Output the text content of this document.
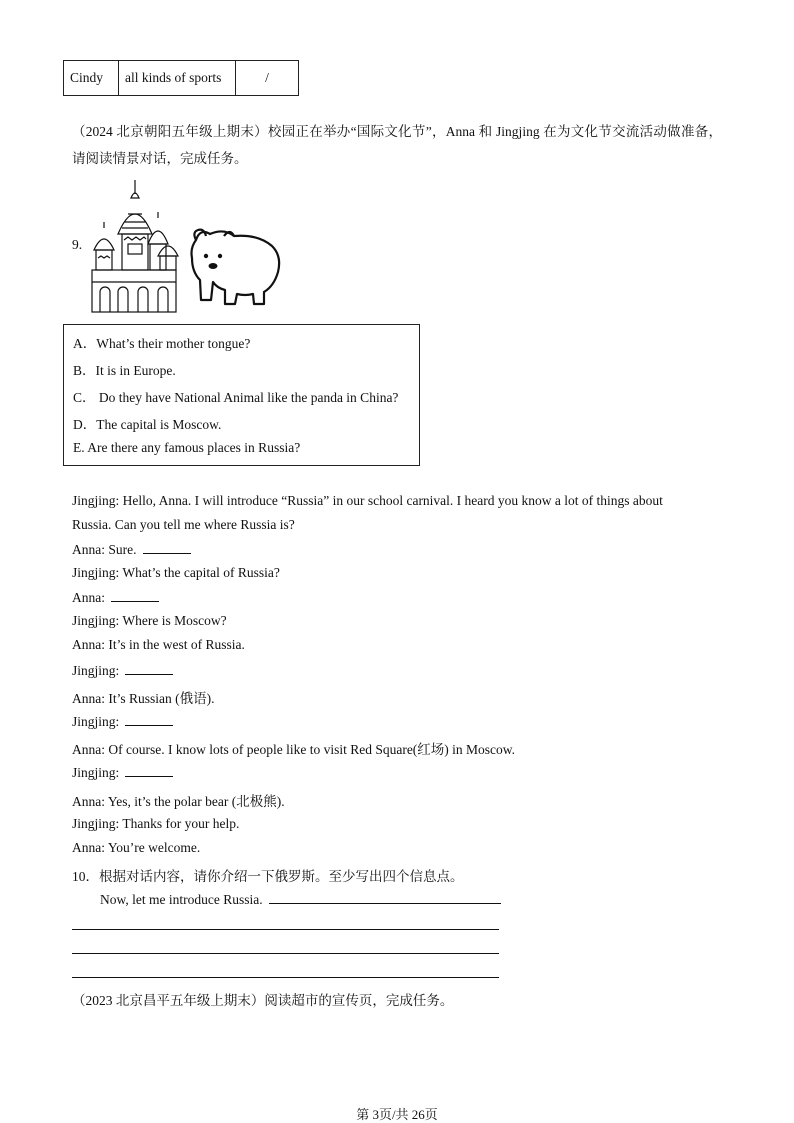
Cindy	all kinds of sports	/
（2024 北京朝阳五年级上期末）校园正在举办“国际文化节”，Anna 和 Jingjing 在为文化节交流活动做准备，请阅读情景对话，完成任务。
9.
A．What’s their mother tongue?
B．It is in Europe.
C． Do they have National Animal like the panda in China?
D．The capital is Moscow.
E. Are there any famous places in Russia?
Jingjing: Hello, Anna. I will introduce “Russia” in our school carnival. I heard you know a lot of things about
Russia. Can you tell me where Russia is?
Anna: Sure.
Jingjing: What’s the capital of Russia?
Anna:
Jingjing: Where is Moscow?
Anna: It’s in the west of Russia.
Jingjing:
Anna: It’s Russian (俄语).
Jingjing:
Anna: Of course. I know lots of people like to visit Red Square(红场) in Moscow.
Jingjing:
Anna: Yes, it’s the polar bear (北极熊).
Jingjing: Thanks for your help.
Anna: You’re welcome.
10．根据对话内容，请你介绍一下俄罗斯。至少写出四个信息点。
Now, let me introduce Russia.
（2023 北京昌平五年级上期末）阅读超市的宣传页，完成任务。
第 3页/共 26页
